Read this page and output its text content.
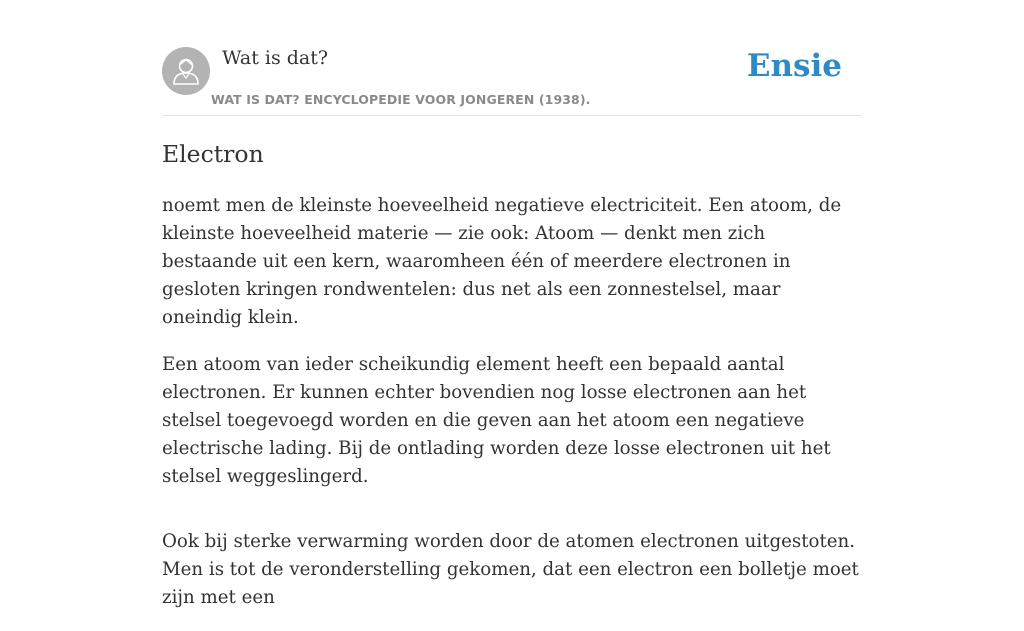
Wat is dat?
WAT IS DAT? ENCYCLOPEDIE VOOR JONGEREN (1938).
Ensie
Electron

noemt men de kleinste hoeveelheid negatieve electriciteit. Een atoom, de kleinste hoeveelheid materie — zie ook: Atoom — denkt men zich bestaande uit een kern, waaromheen één of meerdere electronen in gesloten kringen rondwentelen: dus net als een zonnestelsel, maar oneindig klein.

Een atoom van ieder scheikundig element heeft een bepaald aantal electronen. Er kunnen echter bovendien nog losse electronen aan het stelsel toegevoegd worden en die geven aan het atoom een negatieve electrische lading. Bij de ontlading worden deze losse electronen uit het stelsel weggeslingerd.

Ook bij sterke verwarming worden door de atomen electronen uitgestoten. Men is tot de veronderstelling gekomen, dat een electron een bolletje moet zijn met een
